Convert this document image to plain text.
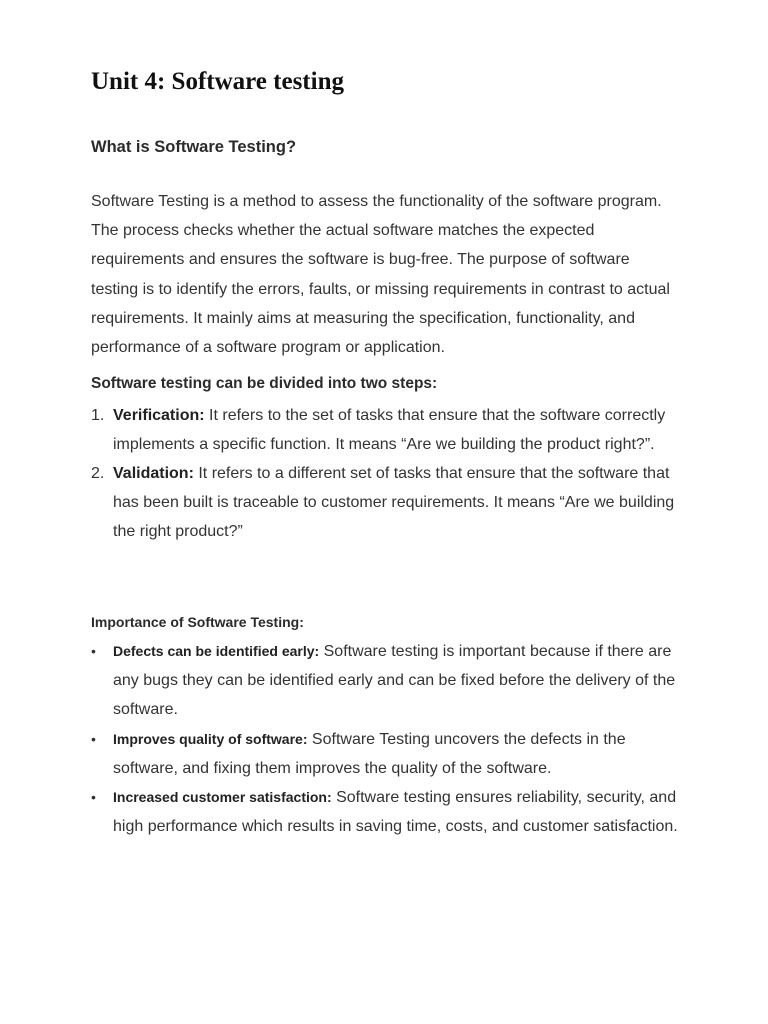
Unit 4: Software testing
What is Software Testing?

Software Testing is a method to assess the functionality of the software program. The process checks whether the actual software matches the expected requirements and ensures the software is bug-free. The purpose of software testing is to identify the errors, faults, or missing requirements in contrast to actual requirements. It mainly aims at measuring the specification, functionality, and performance of a software program or application.

Software testing can be divided into two steps:

1. Verification: It refers to the set of tasks that ensure that the software correctly implements a specific function. It means “Are we building the product right?”.
2. Validation: It refers to a different set of tasks that ensure that the software that has been built is traceable to customer requirements. It means “Are we building the right product?”

Importance of Software Testing:

• Defects can be identified early: Software testing is important because if there are any bugs they can be identified early and can be fixed before the delivery of the software.
• Improves quality of software: Software Testing uncovers the defects in the software, and fixing them improves the quality of the software.
• Increased customer satisfaction: Software testing ensures reliability, security, and high performance which results in saving time, costs, and customer satisfaction.
